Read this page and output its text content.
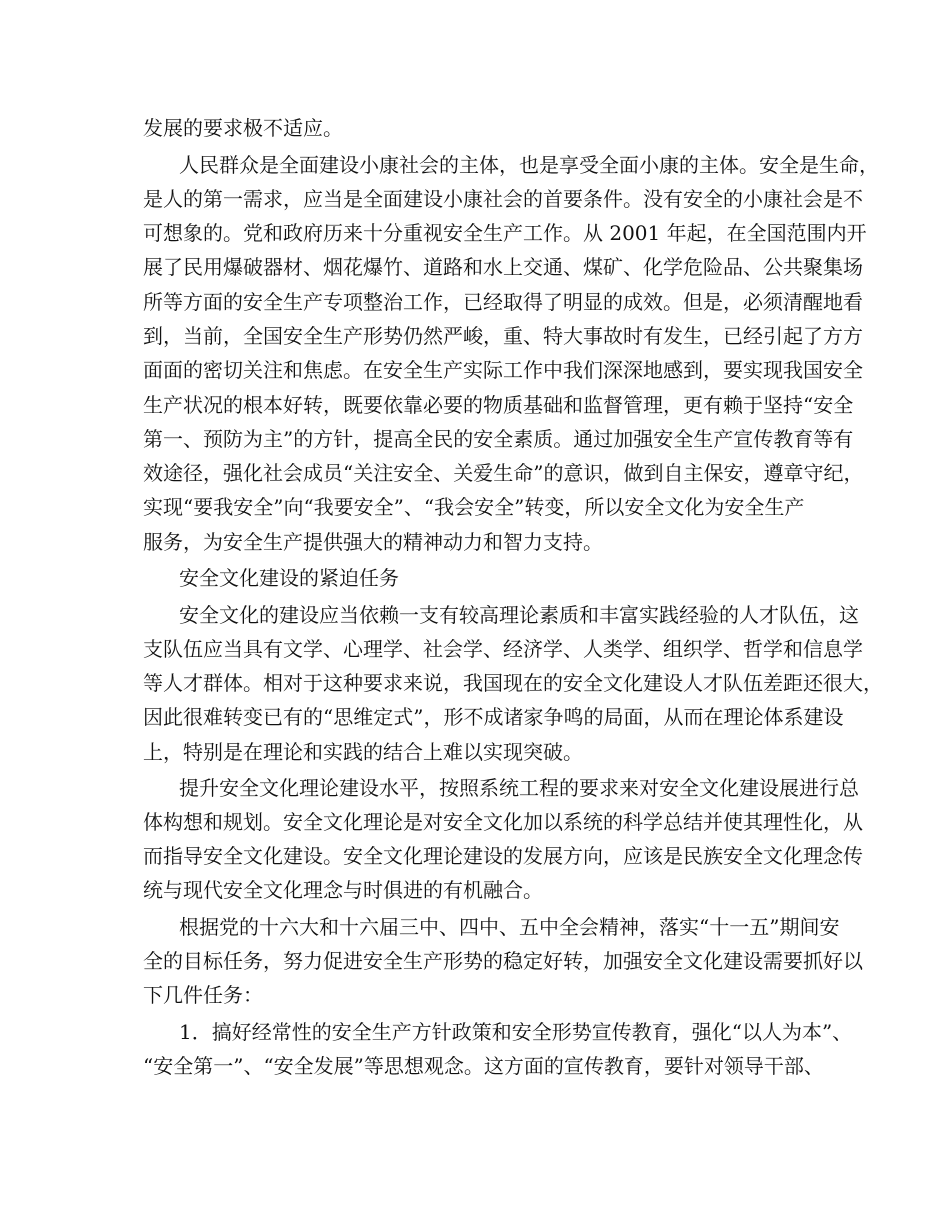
发展的要求极不适应。
人民群众是全面建设小康社会的主体，也是享受全面小康的主体。安全是生命，
是人的第一需求，应当是全面建设小康社会的首要条件。没有安全的小康社会是不
可想象的。党和政府历来十分重视安全生产工作。从 2001 年起，在全国范围内开
展了民用爆破器材、烟花爆竹、道路和水上交通、煤矿、化学危险品、公共聚集场
所等方面的安全生产专项整治工作，已经取得了明显的成效。但是，必须清醒地看
到，当前，全国安全生产形势仍然严峻，重、特大事故时有发生，已经引起了方方
面面的密切关注和焦虑。在安全生产实际工作中我们深深地感到，要实现我国安全
生产状况的根本好转，既要依靠必要的物质基础和监督管理，更有赖于坚持“安全
第一、预防为主”的方针，提高全民的安全素质。通过加强安全生产宣传教育等有
效途径，强化社会成员“关注安全、关爱生命”的意识，做到自主保安，遵章守纪，
实现“要我安全”向“我要安全”、“我会安全”转变，所以安全文化为安全生产
服务，为安全生产提供强大的精神动力和智力支持。
安全文化建设的紧迫任务
安全文化的建设应当依赖一支有较高理论素质和丰富实践经验的人才队伍，这
支队伍应当具有文学、心理学、社会学、经济学、人类学、组织学、哲学和信息学
等人才群体。相对于这种要求来说，我国现在的安全文化建设人才队伍差距还很大，
因此很难转变已有的“思维定式”，形不成诸家争鸣的局面，从而在理论体系建设
上，特别是在理论和实践的结合上难以实现突破。
提升安全文化理论建设水平，按照系统工程的要求来对安全文化建设展进行总
体构想和规划。安全文化理论是对安全文化加以系统的科学总结并使其理性化，从
而指导安全文化建设。安全文化理论建设的发展方向，应该是民族安全文化理念传
统与现代安全文化理念与时俱进的有机融合。
根据党的十六大和十六届三中、四中、五中全会精神，落实“十一五”期间安
全的目标任务，努力促进安全生产形势的稳定好转，加强安全文化建设需要抓好以
下几件任务：
1．搞好经常性的安全生产方针政策和安全形势宣传教育，强化“以人为本”、
“安全第一”、“安全发展”等思想观念。这方面的宣传教育，要针对领导干部、
